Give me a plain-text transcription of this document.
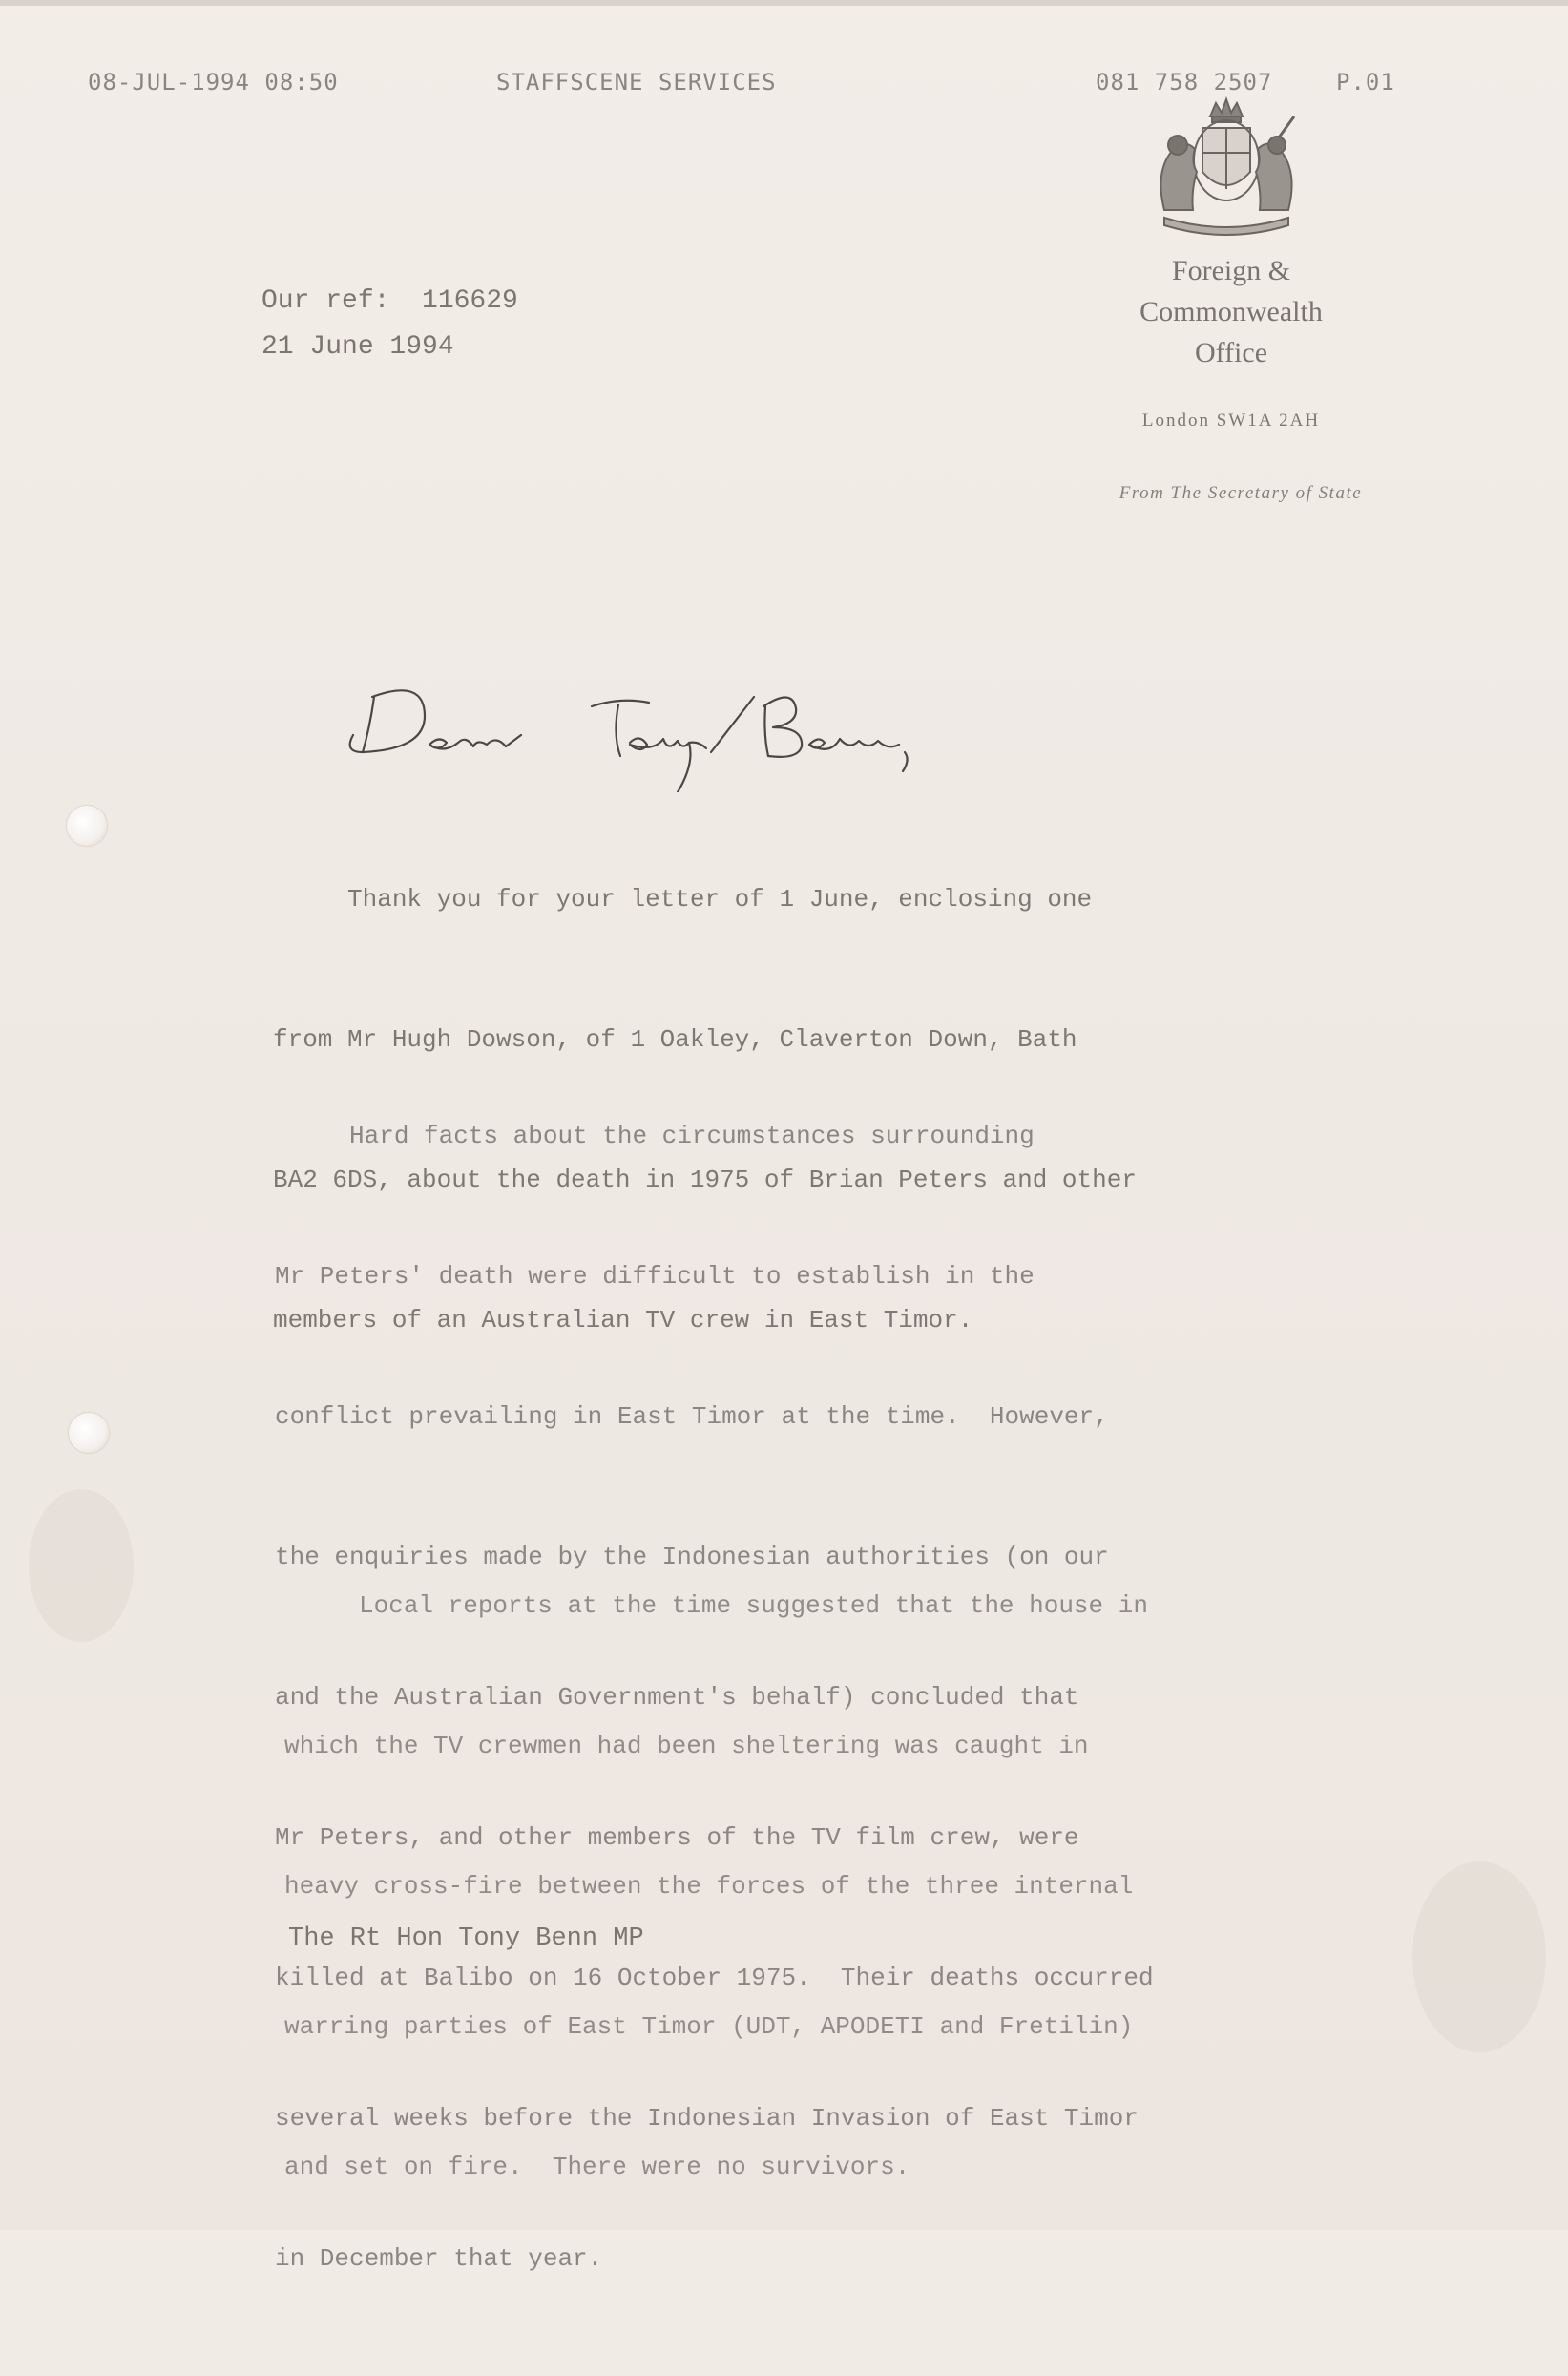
08-JUL-1994 08:50	STAFFSCENE SERVICES	081 758 2507	P.01
Foreign &
Commonwealth
Office
London SW1A 2AH
From The Secretary of State
Our ref:  116629
21 June 1994

Thank you for your letter of 1 June, enclosing one

from Mr Hugh Dowson, of 1 Oakley, Claverton Down, Bath

BA2 6DS, about the death in 1975 of Brian Peters and other

members of an Australian TV crew in East Timor.

Hard facts about the circumstances surrounding

Mr Peters' death were difficult to establish in the

conflict prevailing in East Timor at the time.  However,

the enquiries made by the Indonesian authorities (on our

and the Australian Government's behalf) concluded that

Mr Peters, and other members of the TV film crew, were

killed at Balibo on 16 October 1975.  Their deaths occurred

several weeks before the Indonesian Invasion of East Timor

in December that year.

Local reports at the time suggested that the house in

which the TV crewmen had been sheltering was caught in

heavy cross-fire between the forces of the three internal

warring parties of East Timor (UDT, APODETI and Fretilin)

and set on fire.  There were no survivors.

The Rt Hon Tony Benn MP
